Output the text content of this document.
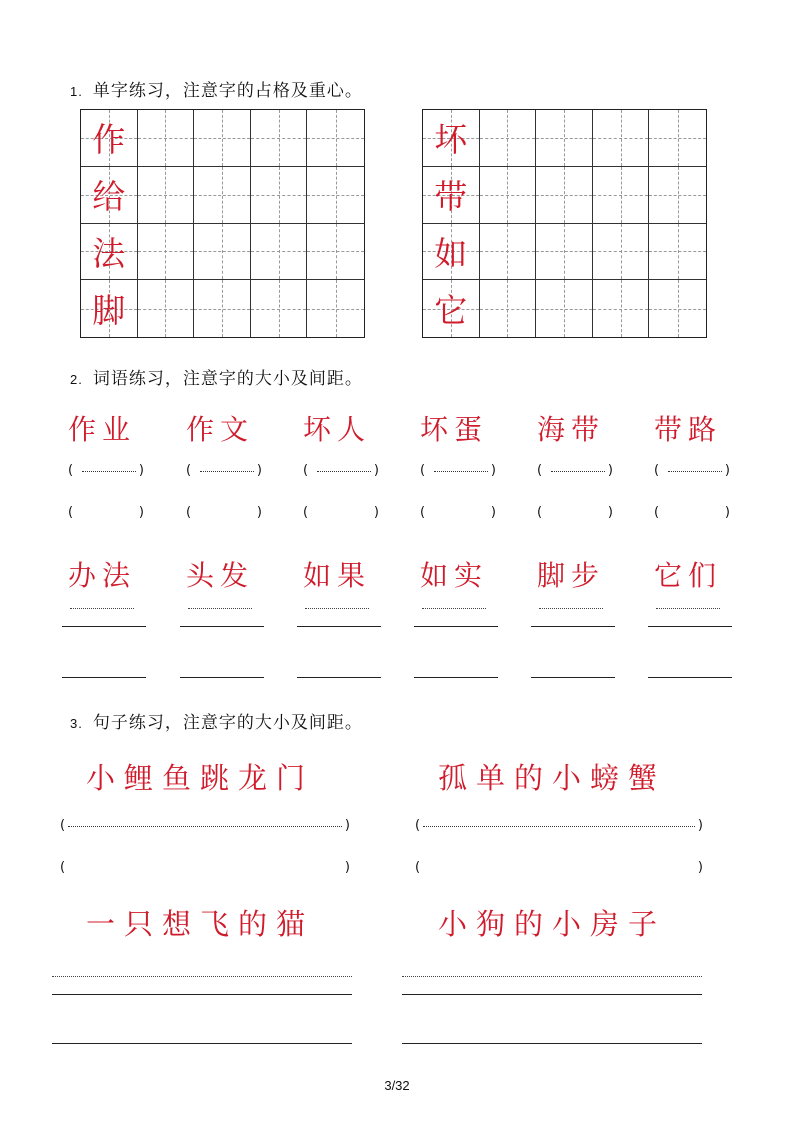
1. 单字练习，注意字的占格及重心。
作
给
法
脚
坏
带
如
它
2. 词语练习，注意字的大小及间距。
作业
(	)
(	)
作文
(	)
(	)
坏人
(	)
(	)
坏蛋
(	)
(	)
海带
(	)
(	)
带路
(	)
(	)
办法 头发 如果 如实 脚步 它们
3. 句子练习，注意字的大小及间距。
小鲤鱼跳龙门	孤单的小螃蟹
(	)	(	)
(	)	(	)
一只想飞的猫	小狗的小房子
3/32
